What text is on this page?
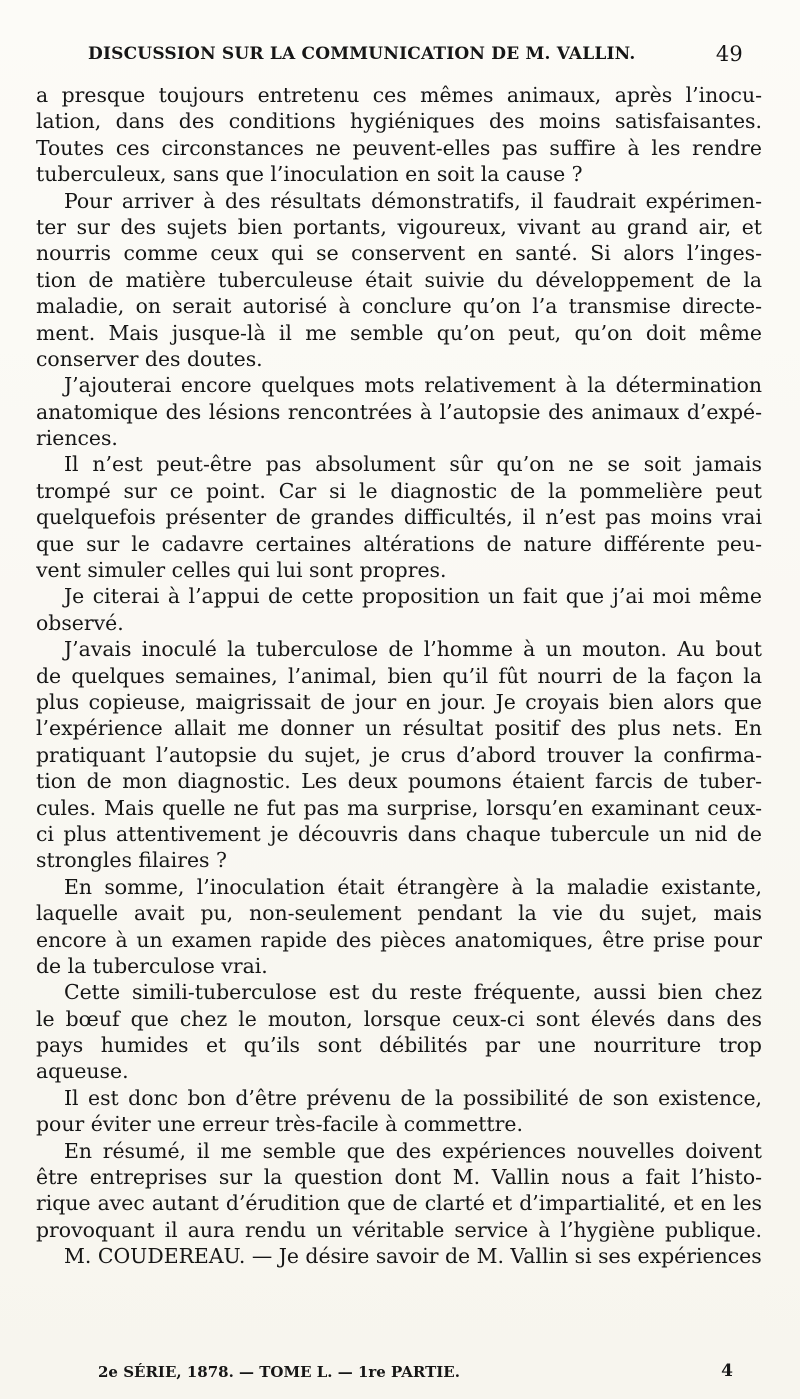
DISCUSSION SUR LA COMMUNICATION DE M. VALLIN.	49
a presque toujours entretenu ces mêmes animaux, après l’inocu-
lation, dans des conditions hygiéniques des moins satisfaisantes.
Toutes ces circonstances ne peuvent-elles pas suffire à les rendre
tuberculeux, sans que l’inoculation en soit la cause ?
Pour arriver à des résultats démonstratifs, il faudrait expérimen-
ter sur des sujets bien portants, vigoureux, vivant au grand air, et
nourris comme ceux qui se conservent en santé. Si alors l’inges-
tion de matière tuberculeuse était suivie du développement de la
maladie, on serait autorisé à conclure qu’on l’a transmise directe-
ment. Mais jusque-là il me semble qu’on peut, qu’on doit même
conserver des doutes.
J’ajouterai encore quelques mots relativement à la détermination
anatomique des lésions rencontrées à l’autopsie des animaux d’expé-
riences.
Il n’est peut-être pas absolument sûr qu’on ne se soit jamais
trompé sur ce point. Car si le diagnostic de la pommelière peut
quelquefois présenter de grandes difficultés, il n’est pas moins vrai
que sur le cadavre certaines altérations de nature différente peu-
vent simuler celles qui lui sont propres.
Je citerai à l’appui de cette proposition un fait que j’ai moi même
observé.
J’avais inoculé la tuberculose de l’homme à un mouton. Au bout
de quelques semaines, l’animal, bien qu’il fût nourri de la façon la
plus copieuse, maigrissait de jour en jour. Je croyais bien alors que
l’expérience allait me donner un résultat positif des plus nets. En
pratiquant l’autopsie du sujet, je crus d’abord trouver la confirma-
tion de mon diagnostic. Les deux poumons étaient farcis de tuber-
cules. Mais quelle ne fut pas ma surprise, lorsqu’en examinant ceux-
ci plus attentivement je découvris dans chaque tubercule un nid de
strongles filaires ?
En somme, l’inoculation était étrangère à la maladie existante,
laquelle avait pu, non-seulement pendant la vie du sujet, mais
encore à un examen rapide des pièces anatomiques, être prise pour
de la tuberculose vrai.
Cette simili-tuberculose est du reste fréquente, aussi bien chez
le bœuf que chez le mouton, lorsque ceux-ci sont élevés dans des
pays humides et qu’ils sont débilités par une nourriture trop
aqueuse.
Il est donc bon d’être prévenu de la possibilité de son existence,
pour éviter une erreur très-facile à commettre.
En résumé, il me semble que des expériences nouvelles doivent
être entreprises sur la question dont M. Vallin nous a fait l’histo-
rique avec autant d’érudition que de clarté et d’impartialité, et en les
provoquant il aura rendu un véritable service à l’hygiène publique.
M. COUDEREAU. — Je désire savoir de M. Vallin si ses expériences
2e SÉRIE, 1878. — TOME L. — 1re PARTIE.	4
